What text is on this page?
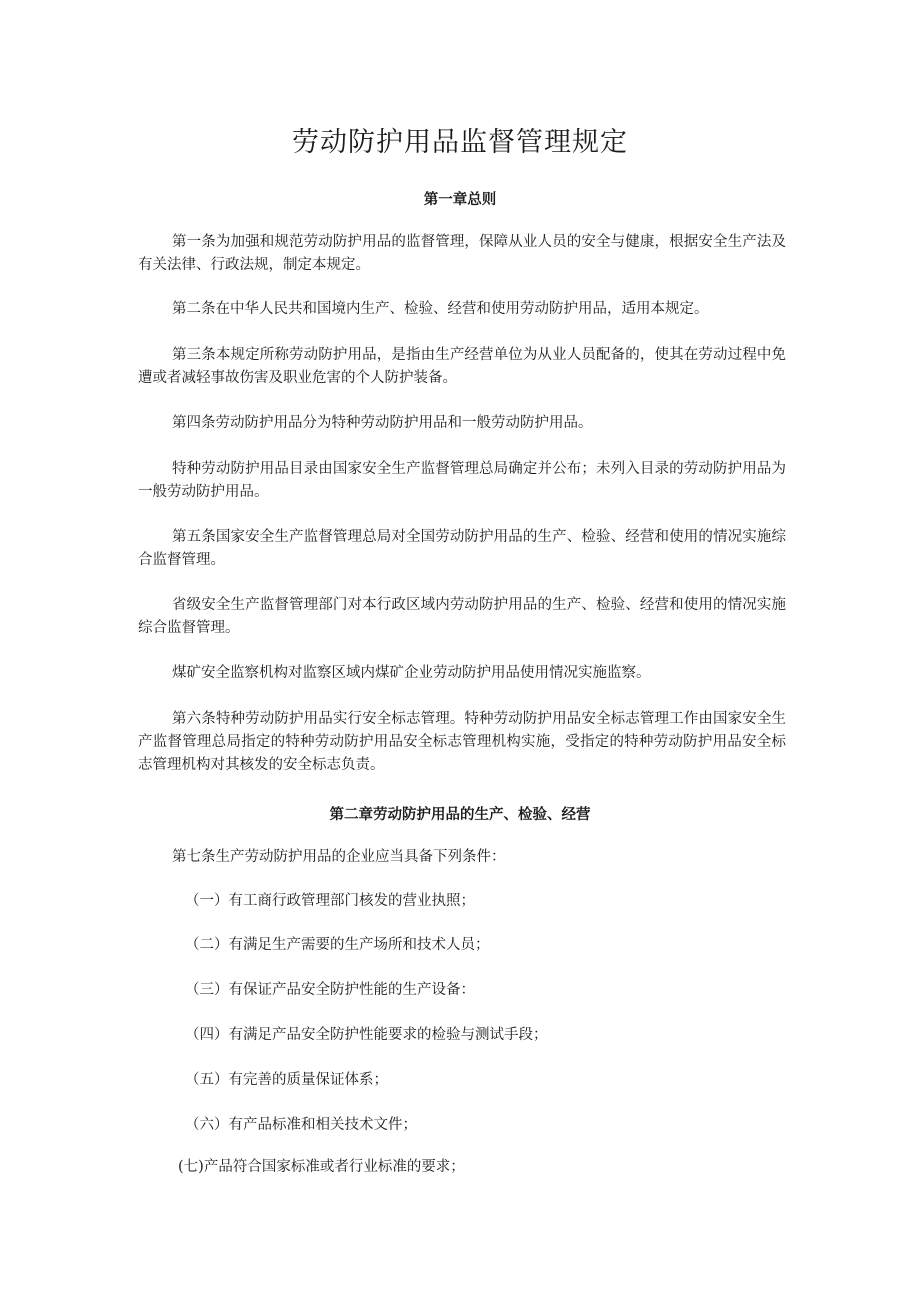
劳动防护用品监督管理规定
第一章总则

第一条为加强和规范劳动防护用品的监督管理，保障从业人员的安全与健康，根据安全生产法及有关法律、行政法规，制定本规定。

第二条在中华人民共和国境内生产、检验、经营和使用劳动防护用品，适用本规定。

第三条本规定所称劳动防护用品，是指由生产经营单位为从业人员配备的，使其在劳动过程中免遭或者减轻事故伤害及职业危害的个人防护装备。

第四条劳动防护用品分为特种劳动防护用品和一般劳动防护用品。

特种劳动防护用品目录由国家安全生产监督管理总局确定并公布；未列入目录的劳动防护用品为一般劳动防护用品。

第五条国家安全生产监督管理总局对全国劳动防护用品的生产、检验、经营和使用的情况实施综合监督管理。

省级安全生产监督管理部门对本行政区域内劳动防护用品的生产、检验、经营和使用的情况实施综合监督管理。

煤矿安全监察机构对监察区域内煤矿企业劳动防护用品使用情况实施监察。

第六条特种劳动防护用品实行安全标志管理。特种劳动防护用品安全标志管理工作由国家安全生产监督管理总局指定的特种劳动防护用品安全标志管理机构实施，受指定的特种劳动防护用品安全标志管理机构对其核发的安全标志负责。

第二章劳动防护用品的生产、检验、经营

第七条生产劳动防护用品的企业应当具备下列条件：

（一）有工商行政管理部门核发的营业执照；

（二）有满足生产需要的生产场所和技术人员；

（三）有保证产品安全防护性能的生产设备：

（四）有满足产品安全防护性能要求的检验与测试手段；

（五）有完善的质量保证体系；

（六）有产品标准和相关技术文件；

(七)产品符合国家标准或者行业标准的要求；
